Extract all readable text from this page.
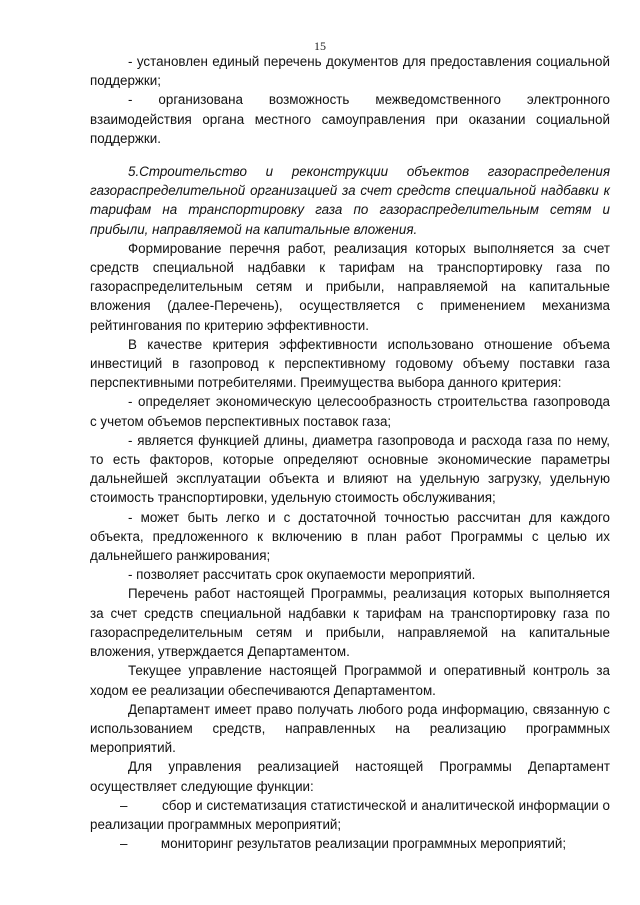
15

- установлен единый перечень документов для предоставления социальной поддержки;

- организована возможность межведомственного электронного взаимодействия органа местного самоуправления при оказании социальной поддержки.

5.Строительство и реконструкции объектов газораспределения газораспределительной организацией за счет средств специальной надбавки к тарифам на транспортировку газа по газораспределительным сетям и прибыли, направляемой на капитальные вложения.

Формирование перечня работ, реализация которых выполняется за счет средств специальной надбавки к тарифам на транспортировку газа по газораспределительным сетям и прибыли, направляемой на капитальные вложения (далее-Перечень), осуществляется с применением механизма рейтингования по критерию эффективности.

В качестве критерия эффективности использовано отношение объема инвестиций в газопровод к перспективному годовому объему поставки газа перспективными потребителями. Преимущества выбора данного критерия:

- определяет экономическую целесообразность строительства газопровода с учетом объемов перспективных поставок газа;

- является функцией длины, диаметра газопровода и расхода газа по нему, то есть факторов, которые определяют основные экономические параметры дальнейшей эксплуатации объекта и влияют на удельную загрузку, удельную стоимость транспортировки, удельную стоимость обслуживания;

- может быть легко и с достаточной точностью рассчитан для каждого объекта, предложенного к включению в план работ Программы с целью их дальнейшего ранжирования;

- позволяет рассчитать срок окупаемости мероприятий.

Перечень работ настоящей Программы, реализация которых выполняется за счет средств специальной надбавки к тарифам на транспортировку газа по газораспределительным сетям и прибыли, направляемой на капитальные вложения, утверждается Департаментом.

Текущее управление настоящей Программой и оперативный контроль за ходом ее реализации обеспечиваются Департаментом.

Департамент имеет право получать любого рода информацию, связанную с использованием средств, направленных на реализацию программных мероприятий.

Для управления реализацией настоящей Программы Департамент осуществляет следующие функции:

–         сбор и систематизация статистической и аналитической информации о реализации программных мероприятий;

–         мониторинг результатов реализации программных мероприятий;
